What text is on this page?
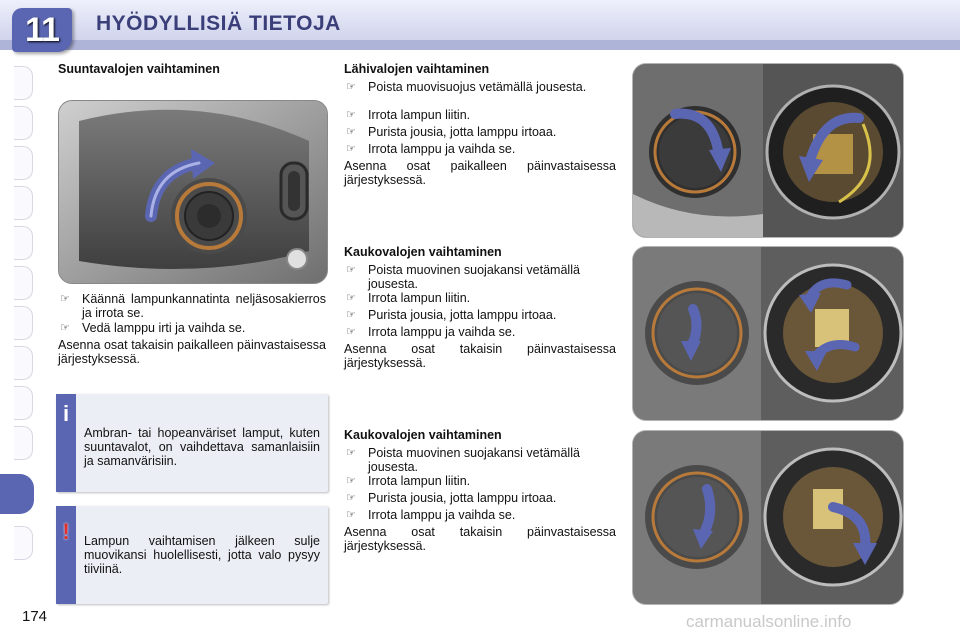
11	HYÖDYLLISIÄ TIETOJA
Suuntavalojen vaihtaminen
☞ Käännä lampunkannatinta neljäsosakierros ja irrota se.
☞ Vedä lamppu irti ja vaihda se.
Asenna osat takaisin paikalleen päinvastaisessa järjestyksessä.
i
Ambran- tai hopeanväriset lamput, kuten suuntavalot, on vaihdettava samanlaisiin ja samanvärisiin.
!	Lampun vaihtamisen jälkeen sulje muovikansi huolellisesti, jotta valo pysyy tiiviinä.
Lähivalojen vaihtaminen
☞ Poista muovisuojus vetämällä jousesta.
☞ Irrota lampun liitin.
☞ Purista jousia, jotta lamppu irtoaa.
☞ Irrota lamppu ja vaihda se.
Asenna osat paikalleen päinvastaisessa järjestyksessä.
Kaukovalojen vaihtaminen
☞ Poista muovinen suojakansi vetämällä jousesta.
☞ Irrota lampun liitin.
☞ Purista jousia, jotta lamppu irtoaa.
☞ Irrota lamppu ja vaihda se.
Asenna osat takaisin päinvastaisessa järjestyksessä.
Kaukovalojen vaihtaminen
☞ Poista muovinen suojakansi vetämällä jousesta.
☞ Irrota lampun liitin.
☞ Purista jousia, jotta lamppu irtoaa.
☞ Irrota lamppu ja vaihda se.
Asenna osat takaisin päinvastaisessa järjestyksessä.
174	carmanualsonline.info
